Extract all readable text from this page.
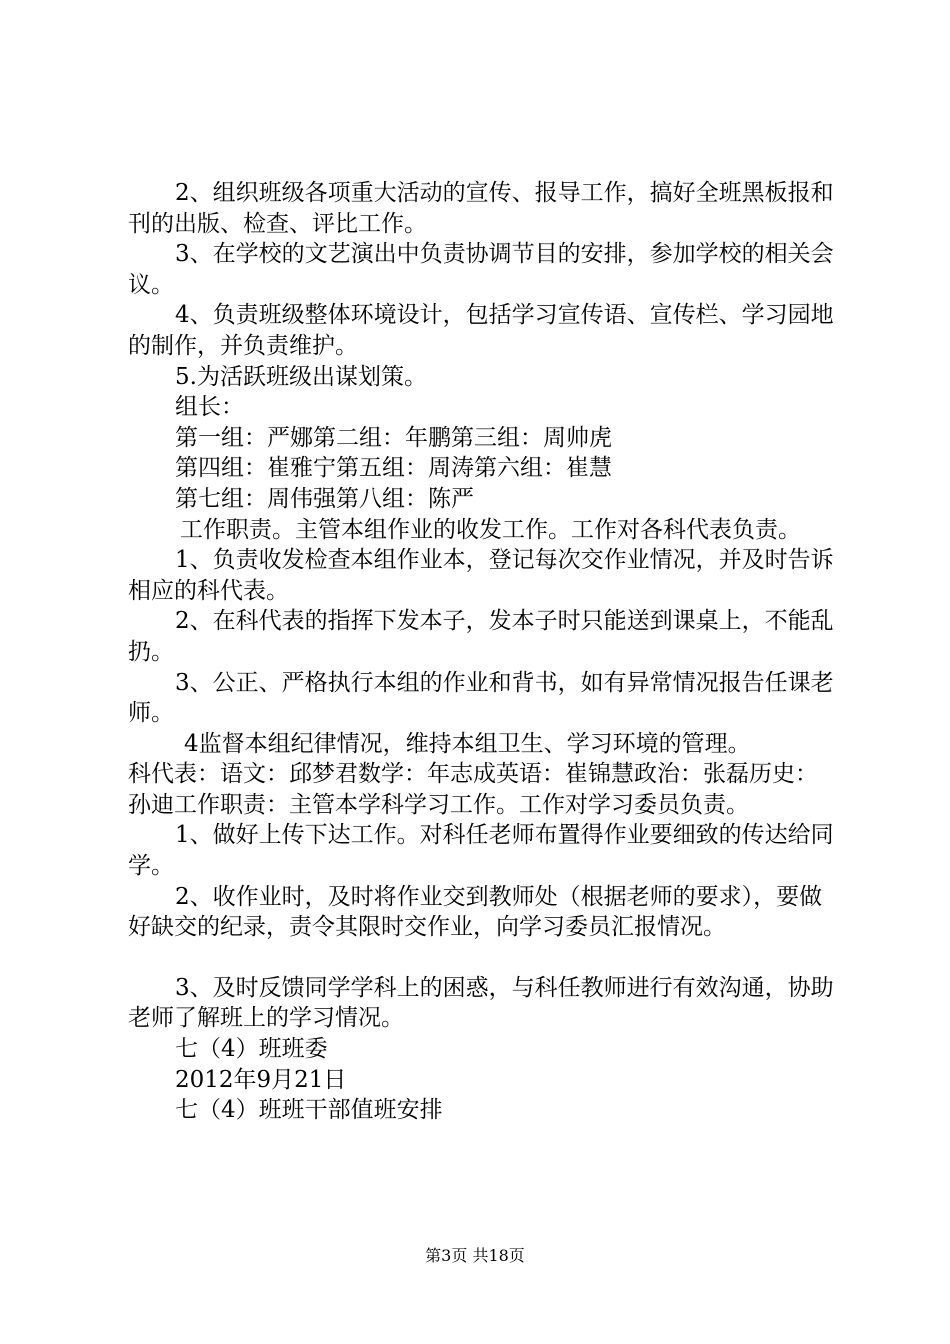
2、组织班级各项重大活动的宣传、报导工作，搞好全班黑板报和刊的出版、检查、评比工作。

3、在学校的文艺演出中负责协调节目的安排，参加学校的相关会议。

4、负责班级整体环境设计，包括学习宣传语、宣传栏、学习园地的制作，并负责维护。

5.为活跃班级出谋划策。

组长：

第一组：严娜第二组：年鹏第三组：周帅虎

第四组：崔雅宁第五组：周涛第六组：崔慧

第七组：周伟强第八组：陈严

工作职责。主管本组作业的收发工作。工作对各科代表负责。

1、负责收发检查本组作业本，登记每次交作业情况，并及时告诉相应的科代表。

2、在科代表的指挥下发本子，发本子时只能送到课桌上，不能乱扔。

3、公正、严格执行本组的作业和背书，如有异常情况报告任课老师。

4监督本组纪律情况，维持本组卫生、学习环境的管理。

科代表：语文：邱梦君数学：年志成英语：崔锦慧政治：张磊历史：孙迪工作职责：主管本学科学习工作。工作对学习委员负责。

1、做好上传下达工作。对科任老师布置得作业要细致的传达给同学。

2、收作业时，及时将作业交到教师处（根据老师的要求），要做好缺交的纪录，责令其限时交作业，向学习委员汇报情况。

3、及时反馈同学学科上的困惑，与科任教师进行有效沟通，协助老师了解班上的学习情况。

七（4）班班委

2012年9月21日

七（4）班班干部值班安排

第3页 共18页
